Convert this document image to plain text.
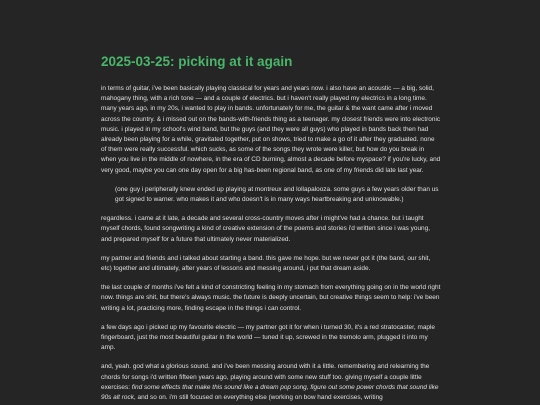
2025-03-25: picking at it again

in terms of guitar, i've been basically playing classical for years and years now. i also have an acoustic — a big, solid, mahogany thing, with a rich tone — and a couple of electrics. but i haven't really played my electrics in a long time. many years ago, in my 20s, i wanted to play in bands. unfortunately for me, the guitar & the want came after i moved across the country. & i missed out on the bands-with-friends thing as a teenager. my closest friends were into electronic music. i played in my school's wind band, but the guys (and they were all guys) who played in bands back then had already been playing for a while, gravitated together, put on shows, tried to make a go of it after they graduated. none of them were really successful. which sucks, as some of the songs they wrote were killer, but how do you break in when you live in the middle of nowhere, in the era of CD burning, almost a decade before myspace? if you're lucky, and very good, maybe you can one day open for a big has-been regional band, as one of my friends did late last year.

(one guy i peripherally knew ended up playing at montreux and lollapalooza. some guys a few years older than us got signed to warner. who makes it and who doesn't is in many ways heartbreaking and unknowable.)

regardless. i came at it late, a decade and several cross-country moves after i might've had a chance. but i taught myself chords, found songwriting a kind of creative extension of the poems and stories i'd written since i was young, and prepared myself for a future that ultimately never materialized.

my partner and friends and i talked about starting a band. this gave me hope. but we never got it (the band, our shit, etc) together and ultimately, after years of lessons and messing around, i put that dream aside.

the last couple of months i've felt a kind of constricting feeling in my stomach from everything going on in the world right now. things are shit, but there's always music. the future is deeply uncertain, but creative things seem to help: i've been writing a lot, practicing more, finding escape in the things i can control.

a few days ago i picked up my favourite electric — my partner got it for when i turned 30, it's a red stratocaster, maple fingerboard, just the most beautiful guitar in the world — tuned it up, screwed in the tremolo arm, plugged it into my amp.

and, yeah. god what a glorious sound. and i've been messing around with it a little. remembering and relearning the chords for songs i'd written fifteen years ago, playing around with some new stuff too. giving myself a couple little exercises: find some effects that make this sound like a dream pop song, figure out some power chords that sound like 90s alt rock, and so on. i'm still focused on everything else (working on bow hand exercises, writing
